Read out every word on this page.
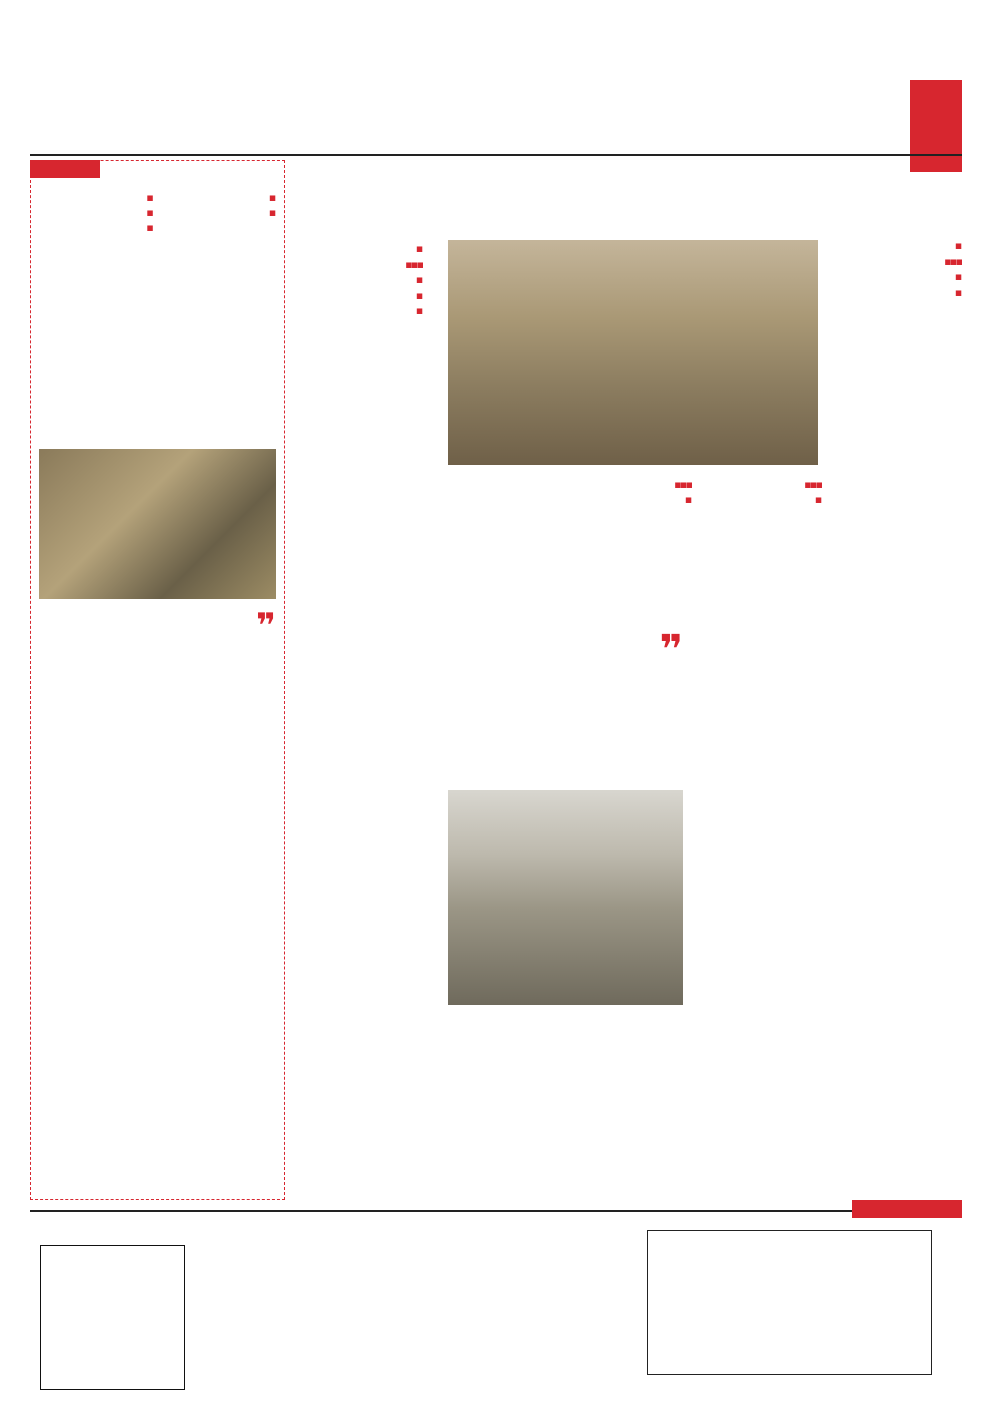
■
■
■
■
■
❞
■
■■■
■
■
■
■■■
■
■
■
■■■
■
■■■
■
❞
